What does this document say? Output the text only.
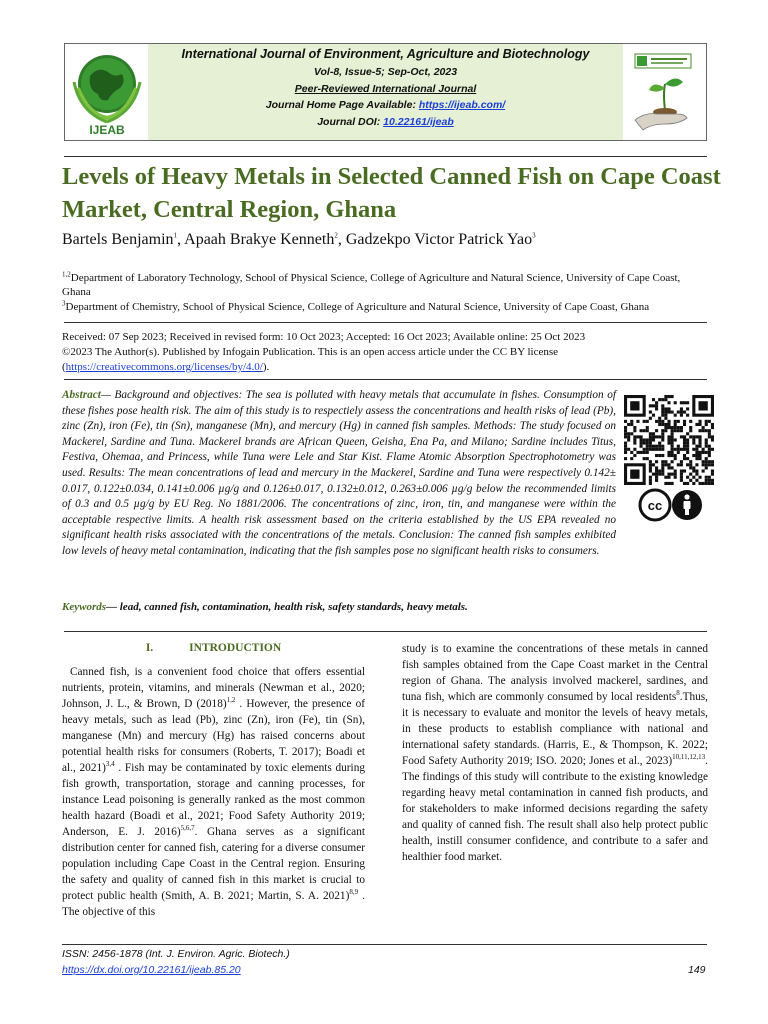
IJEAB
International Journal of Environment, Agriculture and Biotechnology
Vol-8, Issue-5; Sep-Oct, 2023
Peer-Reviewed International Journal
Journal Home Page Available: https://ijeab.com/
Journal DOI: 10.22161/ijeab
Levels of Heavy Metals in Selected Canned Fish on Cape Coast Market, Central Region, Ghana
Bartels Benjamin$^1$, Apaah Brakye Kenneth$^2$, Gadzekpo Victor Patrick Yao$^3$
$^{1,2}$Department of Laboratory Technology, School of Physical Science, College of Agriculture and Natural Science, University of Cape Coast, Ghana
$^3$Department of Chemistry, School of Physical Science, College of Agriculture and Natural Science, University of Cape Coast, Ghana
Received: 07 Sep 2023; Received in revised form: 10 Oct 2023; Accepted: 16 Oct 2023; Available online: 25 Oct 2023
©2023 The Author(s). Published by Infogain Publication. This is an open access article under the CC BY license
(https://creativecommons.org/licenses/by/4.0/).
Abstract— Background and objectives: The sea is polluted with heavy metals that accumulate in fishes. Consumption of these fishes pose health risk. The aim of this study is to respectiely assess the concentrations and health risks of lead (Pb), zinc (Zn), iron (Fe), tin (Sn), manganese (Mn), and mercury (Hg) in canned fish samples. Methods: The study focused on Mackerel, Sardine and Tuna. Mackerel brands are African Queen, Geisha, Ena Pa, and Milano; Sardine includes Titus, Festiva, Ohemaa, and Princess, while Tuna were Lele and Star Kist. Flame Atomic Absorption Spectrophotometry was used. Results: The mean concentrations of lead and mercury in the Mackerel, Sardine and Tuna were respectively 0.142± 0.017, 0.122±0.034, 0.141±0.006 µg/g and 0.126±0.017, 0.132±0.012, 0.263±0.006 µg/g below the recommended limits of 0.3 and 0.5 µg/g by EU Reg. No 1881/2006. The concentrations of zinc, iron, tin, and manganese were within the acceptable respective limits. A health risk assessment based on the criteria established by the US EPA revealed no significant health risks associated with the concentrations of the metals. Conclusion: The canned fish samples exhibited low levels of heavy metal contamination, indicating that the fish samples pose no significant health risks to consumers.
cc
Keywords— lead, canned fish, contamination, health risk, safety standards, heavy metals.
I.	INTRODUCTION

Canned fish, is a convenient food choice that offers essential nutrients, protein, vitamins, and minerals (Newman et al., 2020; Johnson, J. L., & Brown, D $(2018)^{1,2}$ . However, the presence of heavy metals, such as lead (Pb), zinc (Zn), iron (Fe), tin (Sn), manganese (Mn) and mercury (Hg) has raised concerns about potential health risks for consumers (Roberts, T. 2017); Boadi et al., 2021)$^{3,4}$ . Fish may be contaminated by toxic elements during fish growth, transportation, storage and canning processes, for instance Lead poisoning is generally ranked as the most common health hazard (Boadi et al., 2021; Food Safety Authority 2019; Anderson, E. J. 2016)$^{5,6,7}$. Ghana serves as a significant distribution center for canned fish, catering for a diverse consumer population including Cape Coast in the Central region. Ensuring the safety and quality of canned fish in this market is crucial to protect public health (Smith, A. B. 2021; Martin, S. A. 2021)$^{8,9}$ . The objective of this

study is to examine the concentrations of these metals in canned fish samples obtained from the Cape Coast market in the Central region of Ghana. The analysis involved mackerel, sardines, and tuna fish, which are commonly consumed by local residents$^8$.Thus, it is necessary to evaluate and monitor the levels of heavy metals, in these products to establish compliance with national and international safety standards. (Harris, E., & Thompson, K. 2022; Food Safety Authority 2019; ISO. 2020; Jones et al., 2023)$^{10,11,12,13}$. The findings of this study will contribute to the existing knowledge regarding heavy metal contamination in canned fish products, and for stakeholders to make informed decisions regarding the safety and quality of canned fish. The result shall also help protect public health, instill consumer confidence, and contribute to a safer and healthier food market.

ISSN: 2456-1878 (Int. J. Environ. Agric. Biotech.)
https://dx.doi.org/10.22161/ijeab.85.20	149
